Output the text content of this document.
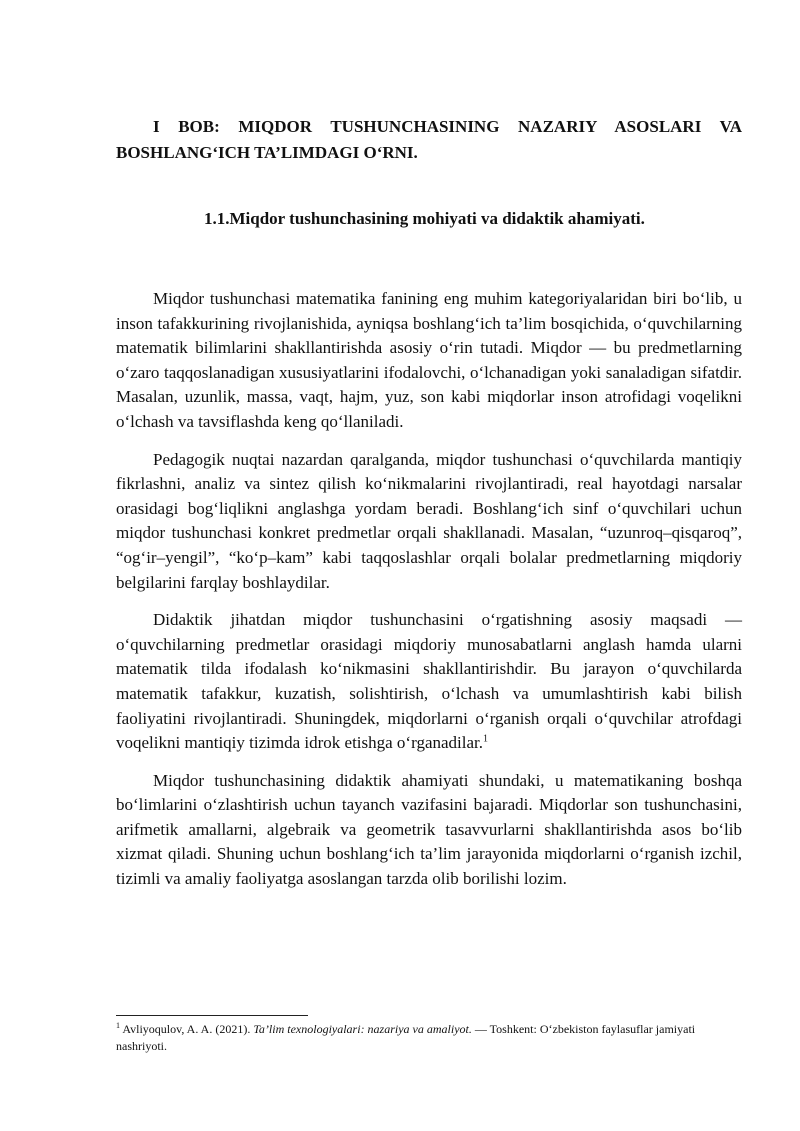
I BOB: MIQDOR TUSHUNCHASINING NAZARIY ASOSLARI VA BOSHLANG‘ICH TA’LIMDAGI O‘RNI.
1.1.Miqdor tushunchasining mohiyati va didaktik ahamiyati.

Miqdor tushunchasi matematika fanining eng muhim kategoriyalaridan biri bo‘lib, u inson tafakkurining rivojlanishida, ayniqsa boshlang‘ich ta’lim bosqichida, o‘quvchilarning matematik bilimlarini shakllantirishda asosiy o‘rin tutadi. Miqdor — bu predmetlarning o‘zaro taqqoslanadigan xususiyatlarini ifodalovchi, o‘lchanadigan yoki sanaladigan sifatdir. Masalan, uzunlik, massa, vaqt, hajm, yuz, son kabi miqdorlar inson atrofidagi voqelikni o‘lchash va tavsiflashda keng qo‘llaniladi.

Pedagogik nuqtai nazardan qaralganda, miqdor tushunchasi o‘quvchilarda mantiqiy fikrlashni, analiz va sintez qilish ko‘nikmalarini rivojlantiradi, real hayotdagi narsalar orasidagi bog‘liqlikni anglashga yordam beradi. Boshlang‘ich sinf o‘quvchilari uchun miqdor tushunchasi konkret predmetlar orqali shakllanadi. Masalan, “uzunroq–qisqaroq”, “og‘ir–yengil”, “ko‘p–kam” kabi taqqoslashlar orqali bolalar predmetlarning miqdoriy belgilarini farqlay boshlaydilar.

Didaktik jihatdan miqdor tushunchasini o‘rgatishning asosiy maqsadi — o‘quvchilarning predmetlar orasidagi miqdoriy munosabatlarni anglash hamda ularni matematik tilda ifodalash ko‘nikmasini shakllantirishdir. Bu jarayon o‘quvchilarda matematik tafakkur, kuzatish, solishtirish, o‘lchash va umumlashtirish kabi bilish faoliyatini rivojlantiradi. Shuningdek, miqdorlarni o‘rganish orqali o‘quvchilar atrofdagi voqelikni mantiqiy tizimda idrok etishga o‘rganadilar.$^1$

Miqdor tushunchasining didaktik ahamiyati shundaki, u matematikaning boshqa bo‘limlarini o‘zlashtirish uchun tayanch vazifasini bajaradi. Miqdorlar son tushunchasini, arifmetik amallarni, algebraik va geometrik tasavvurlarni shakllantirishda asos bo‘lib xizmat qiladi. Shuning uchun boshlang‘ich ta’lim jarayonida miqdorlarni o‘rganish izchil, tizimli va amaliy faoliyatga asoslangan tarzda olib borilishi lozim.

$^1$ Avliyoqulov, A. A. (2021). Ta’lim texnologiyalari: nazariya va amaliyot. — Toshkent: O‘zbekiston faylasuflar jamiyati nashriyoti.
